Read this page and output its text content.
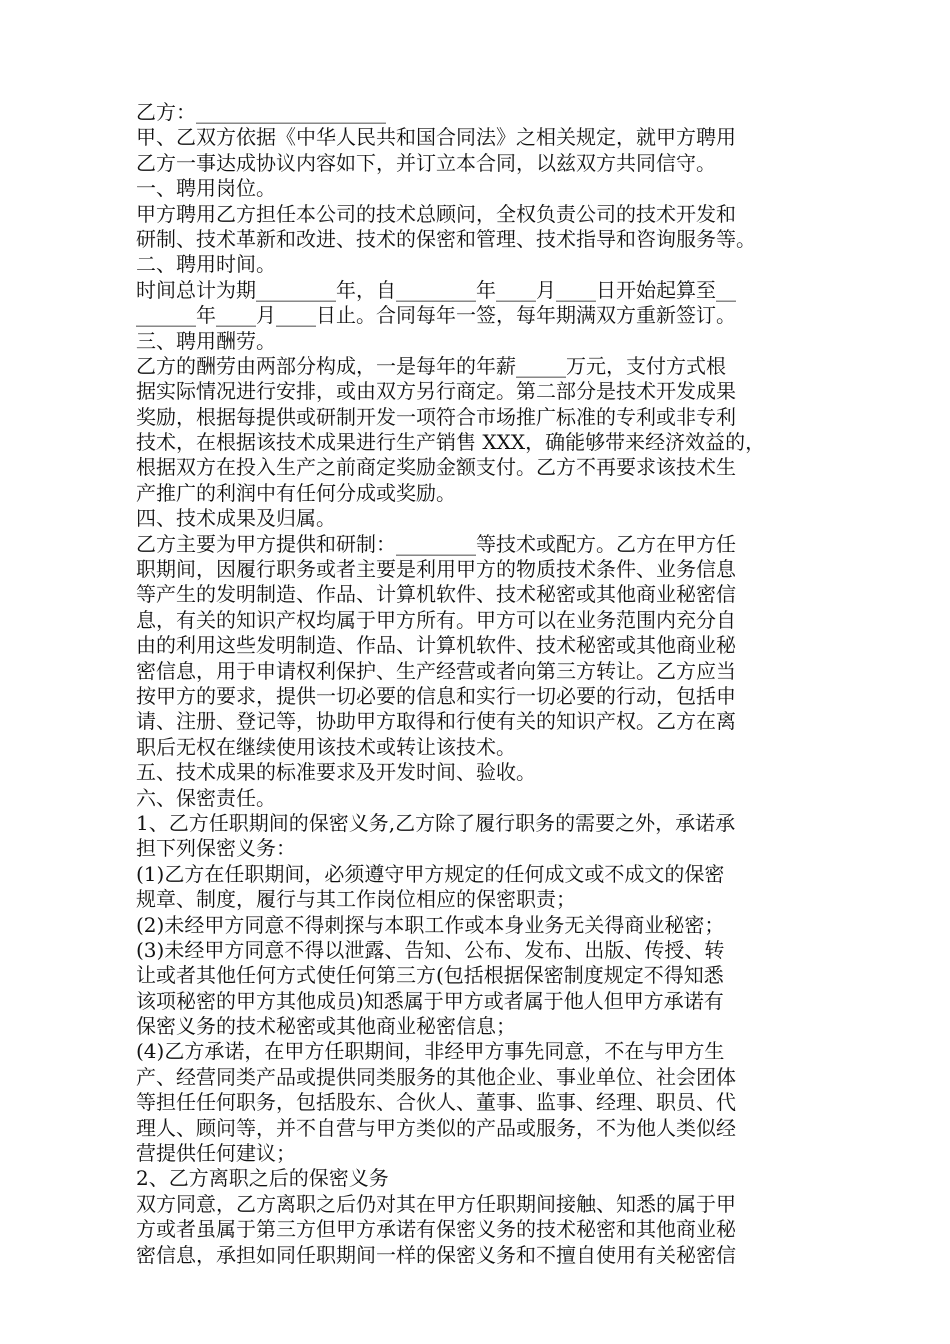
乙方：___________________
甲、乙双方依据《中华人民共和国合同法》之相关规定，就甲方聘用
乙方一事达成协议内容如下，并订立本合同，以兹双方共同信守。
一、聘用岗位。
甲方聘用乙方担任本公司的技术总顾问，全权负责公司的技术开发和
研制、技术革新和改进、技术的保密和管理、技术指导和咨询服务等。
二、聘用时间。
时间总计为期________年，自________年____月____日开始起算至__
______年____月____日止。合同每年一签，每年期满双方重新签订。
三、聘用酬劳。
乙方的酬劳由两部分构成，一是每年的年薪_____万元，支付方式根
据实际情况进行安排，或由双方另行商定。第二部分是技术开发成果
奖励，根据每提供或研制开发一项符合市场推广标准的专利或非专利
技术，在根据该技术成果进行生产销售 XXX，确能够带来经济效益的，
根据双方在投入生产之前商定奖励金额支付。乙方不再要求该技术生
产推广的利润中有任何分成或奖励。
四、技术成果及归属。
乙方主要为甲方提供和研制：________等技术或配方。乙方在甲方任
职期间，因履行职务或者主要是利用甲方的物质技术条件、业务信息
等产生的发明制造、作品、计算机软件、技术秘密或其他商业秘密信
息，有关的知识产权均属于甲方所有。甲方可以在业务范围内充分自
由的利用这些发明制造、作品、计算机软件、技术秘密或其他商业秘
密信息，用于申请权利保护、生产经营或者向第三方转让。乙方应当
按甲方的要求，提供一切必要的信息和实行一切必要的行动，包括申
请、注册、登记等，协助甲方取得和行使有关的知识产权。乙方在离
职后无权在继续使用该技术或转让该技术。
五、技术成果的标准要求及开发时间、验收。
六、保密责任。
1、乙方任职期间的保密义务,乙方除了履行职务的需要之外，承诺承
担下列保密义务：
(1)乙方在任职期间，必须遵守甲方规定的任何成文或不成文的保密
规章、制度，履行与其工作岗位相应的保密职责；
(2)未经甲方同意不得刺探与本职工作或本身业务无关得商业秘密；
(3)未经甲方同意不得以泄露、告知、公布、发布、出版、传授、转
让或者其他任何方式使任何第三方(包括根据保密制度规定不得知悉
该项秘密的甲方其他成员)知悉属于甲方或者属于他人但甲方承诺有
保密义务的技术秘密或其他商业秘密信息；
(4)乙方承诺，在甲方任职期间，非经甲方事先同意，不在与甲方生
产、经营同类产品或提供同类服务的其他企业、事业单位、社会团体
等担任任何职务，包括股东、合伙人、董事、监事、经理、职员、代
理人、顾问等，并不自营与甲方类似的产品或服务，不为他人类似经
营提供任何建议；
2、乙方离职之后的保密义务
双方同意，乙方离职之后仍对其在甲方任职期间接触、知悉的属于甲
方或者虽属于第三方但甲方承诺有保密义务的技术秘密和其他商业秘
密信息，承担如同任职期间一样的保密义务和不擅自使用有关秘密信
